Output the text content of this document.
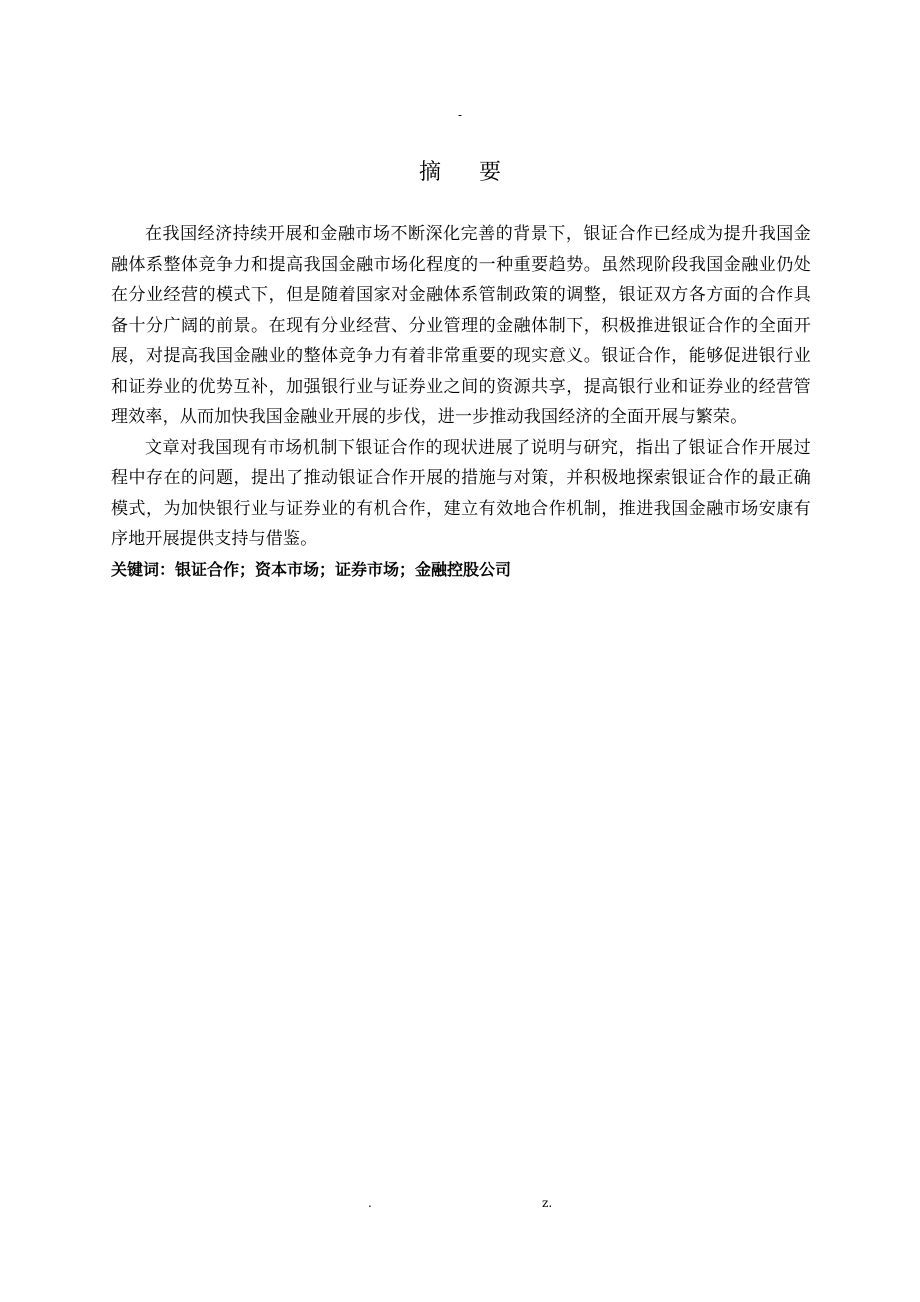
-
摘要

在我国经济持续开展和金融市场不断深化完善的背景下，银证合作已经成为提升我国金融体系整体竞争力和提高我国金融市场化程度的一种重要趋势。虽然现阶段我国金融业仍处在分业经营的模式下，但是随着国家对金融体系管制政策的调整，银证双方各方面的合作具备十分广阔的前景。在现有分业经营、分业管理的金融体制下，积极推进银证合作的全面开展，对提高我国金融业的整体竞争力有着非常重要的现实意义。银证合作，能够促进银行业和证券业的优势互补，加强银行业与证券业之间的资源共享，提高银行业和证券业的经营管理效率，从而加快我国金融业开展的步伐，进一步推动我国经济的全面开展与繁荣。

文章对我国现有市场机制下银证合作的现状进展了说明与研究，指出了银证合作开展过程中存在的问题，提出了推动银证合作开展的措施与对策，并积极地探索银证合作的最正确模式，为加快银行业与证券业的有机合作，建立有效地合作机制，推进我国金融市场安康有序地开展提供支持与借鉴。

关键词：银证合作；资本市场；证券市场；金融控股公司

.	z.
